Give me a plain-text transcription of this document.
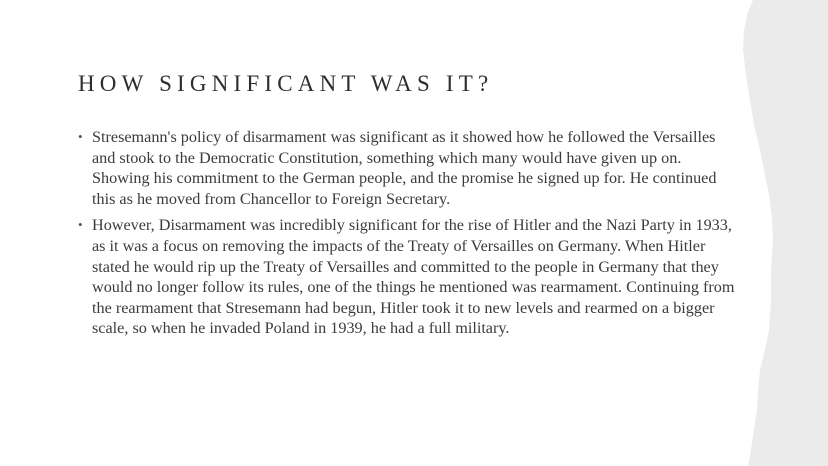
HOW SIGNIFICANT WAS IT?
• Stresemann's policy of disarmament was significant as it showed how he followed the Versailles and stook to the Democratic Constitution, something which many would have given up on. Showing his commitment to the German people, and the promise he signed up for. He continued this as he moved from Chancellor to Foreign Secretary.
• However, Disarmament was incredibly significant for the rise of Hitler and the Nazi Party in 1933, as it was a focus on removing the impacts of the Treaty of Versailles on Germany. When Hitler stated he would rip up the Treaty of Versailles and committed to the people in Germany that they would no longer follow its rules, one of the things he mentioned was rearmament. Continuing from the rearmament that Stresemann had begun, Hitler took it to new levels and rearmed on a bigger scale, so when he invaded Poland in 1939, he had a full military.
